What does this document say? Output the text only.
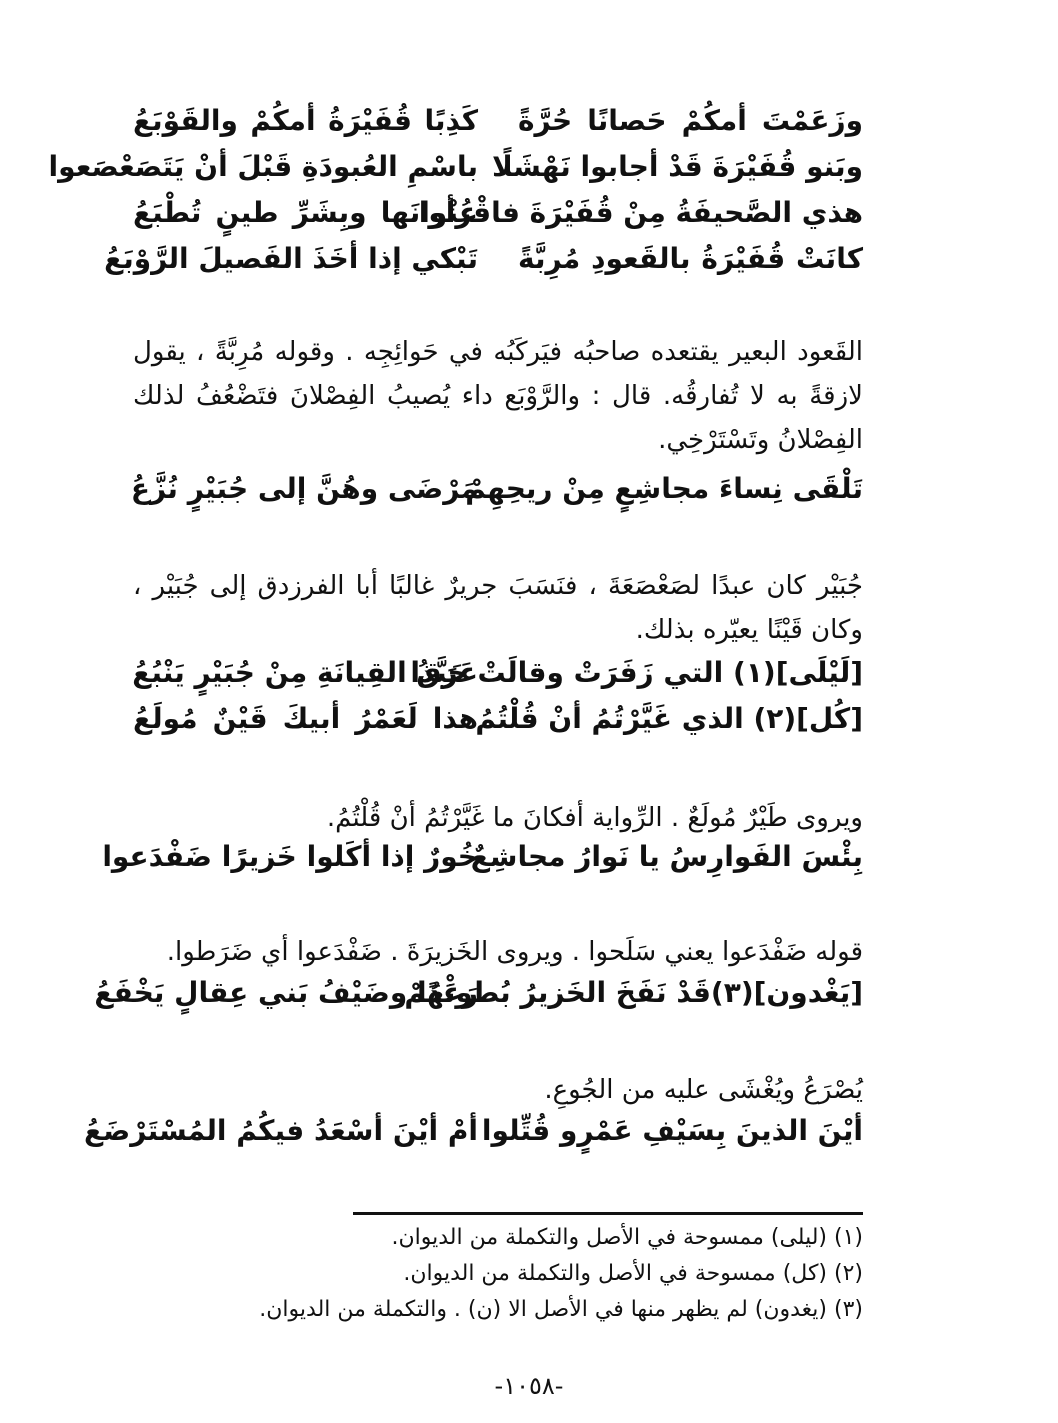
وزَعَمْتَ أمكُمْ حَصانًا حُرَّةً
كَذِبًا قُفَيْرَةُ أمكُمْ والقَوْبَعُ
وبَنو قُفَيْرَةَ قَدْ أجابوا نَهْشَلًا
باسْمِ العُبودَةِ قَبْلَ أنْ يَتَصَعْصَعوا
هذي الصَّحيفَةُ مِنْ قُفَيْرَةَ فاقْرأوا
عُنْوانَها وبِشَرِّ طينٍ تُطْبَعُ
كانَتْ قُفَيْرَةُ بالقَعودِ مُرِبَّةً
تَبْكي إذا أخَذَ الفَصيلَ الرَّوْبَعُ
القَعود البعير يقتعده صاحبُه فيَركَبُه في حَوائِجِه . وقوله مُرِبَّةً ، يقول لازقةً به لا تُفارقُه. قال : والرَّوْبَع داء يُصيبُ الفِصْلانَ فتَضْعُفُ لذلك الفِصْلانُ وتَسْتَرْخِي.
تَلْقَى نِساءَ مجاشِعٍ مِنْ ريحِهِمْ
مَرْضَى وهُنَّ إلى جُبَيْرٍ نُزَّعُ
جُبَيْر كان عبدًا لصَعْصَعَةَ ، فنَسَبَ جريرٌ غالبًا أبا الفرزدق إلى جُبَيْر ، وكان قَيْنًا يعيّره بذلك.
[لَيْلَى](١) التي زَفَرَتْ وقالَتْ حَبَّذا
عَرَقُ القِيانَةِ مِنْ جُبَيْرٍ يَنْبُعُ
[كُل](٢) الذي غَيَّرْتُمُ أنْ قُلْتُمُ
هذا لَعَمْرُ أبيكَ قَيْنٌ مُولَعُ
ويروى طَيْرٌ مُولَعٌ . الرِّواية أفكانَ ما غَيَّرْتُمُ أنْ قُلْتُمُ.
بِئْسَ الفَوارِسُ يا نَوارُ مجاشِعٌ
خُورٌ إذا أكَلوا خَزيرًا ضَفْدَعوا
قوله ضَفْدَعوا يعني سَلَحوا . ويروى الخَزيرَةَ . ضَفْدَعوا أي ضَرَطوا.
[يَغْدون](٣)قَدْ نَفَخَ الخَزيرُ بُطونَهُمْ
رَغْدًا وضَيْفُ بَني عِقالٍ يَخْفَعُ
يُصْرَعُ ويُغْشَى عليه من الجُوعِ.
أيْنَ الذينَ بِسَيْفِ عَمْرٍو قُتِّلوا
أمْ أيْنَ أسْعَدُ فيكُمُ المُسْتَرْضَعُ
(١) (ليلى) ممسوحة في الأصل والتكملة من الديوان.
(٢) (كل) ممسوحة في الأصل والتكملة من الديوان.
(٣) (يغدون) لم يظهر منها في الأصل الا (ن) . والتكملة من الديوان.
-١٠٥٨-
